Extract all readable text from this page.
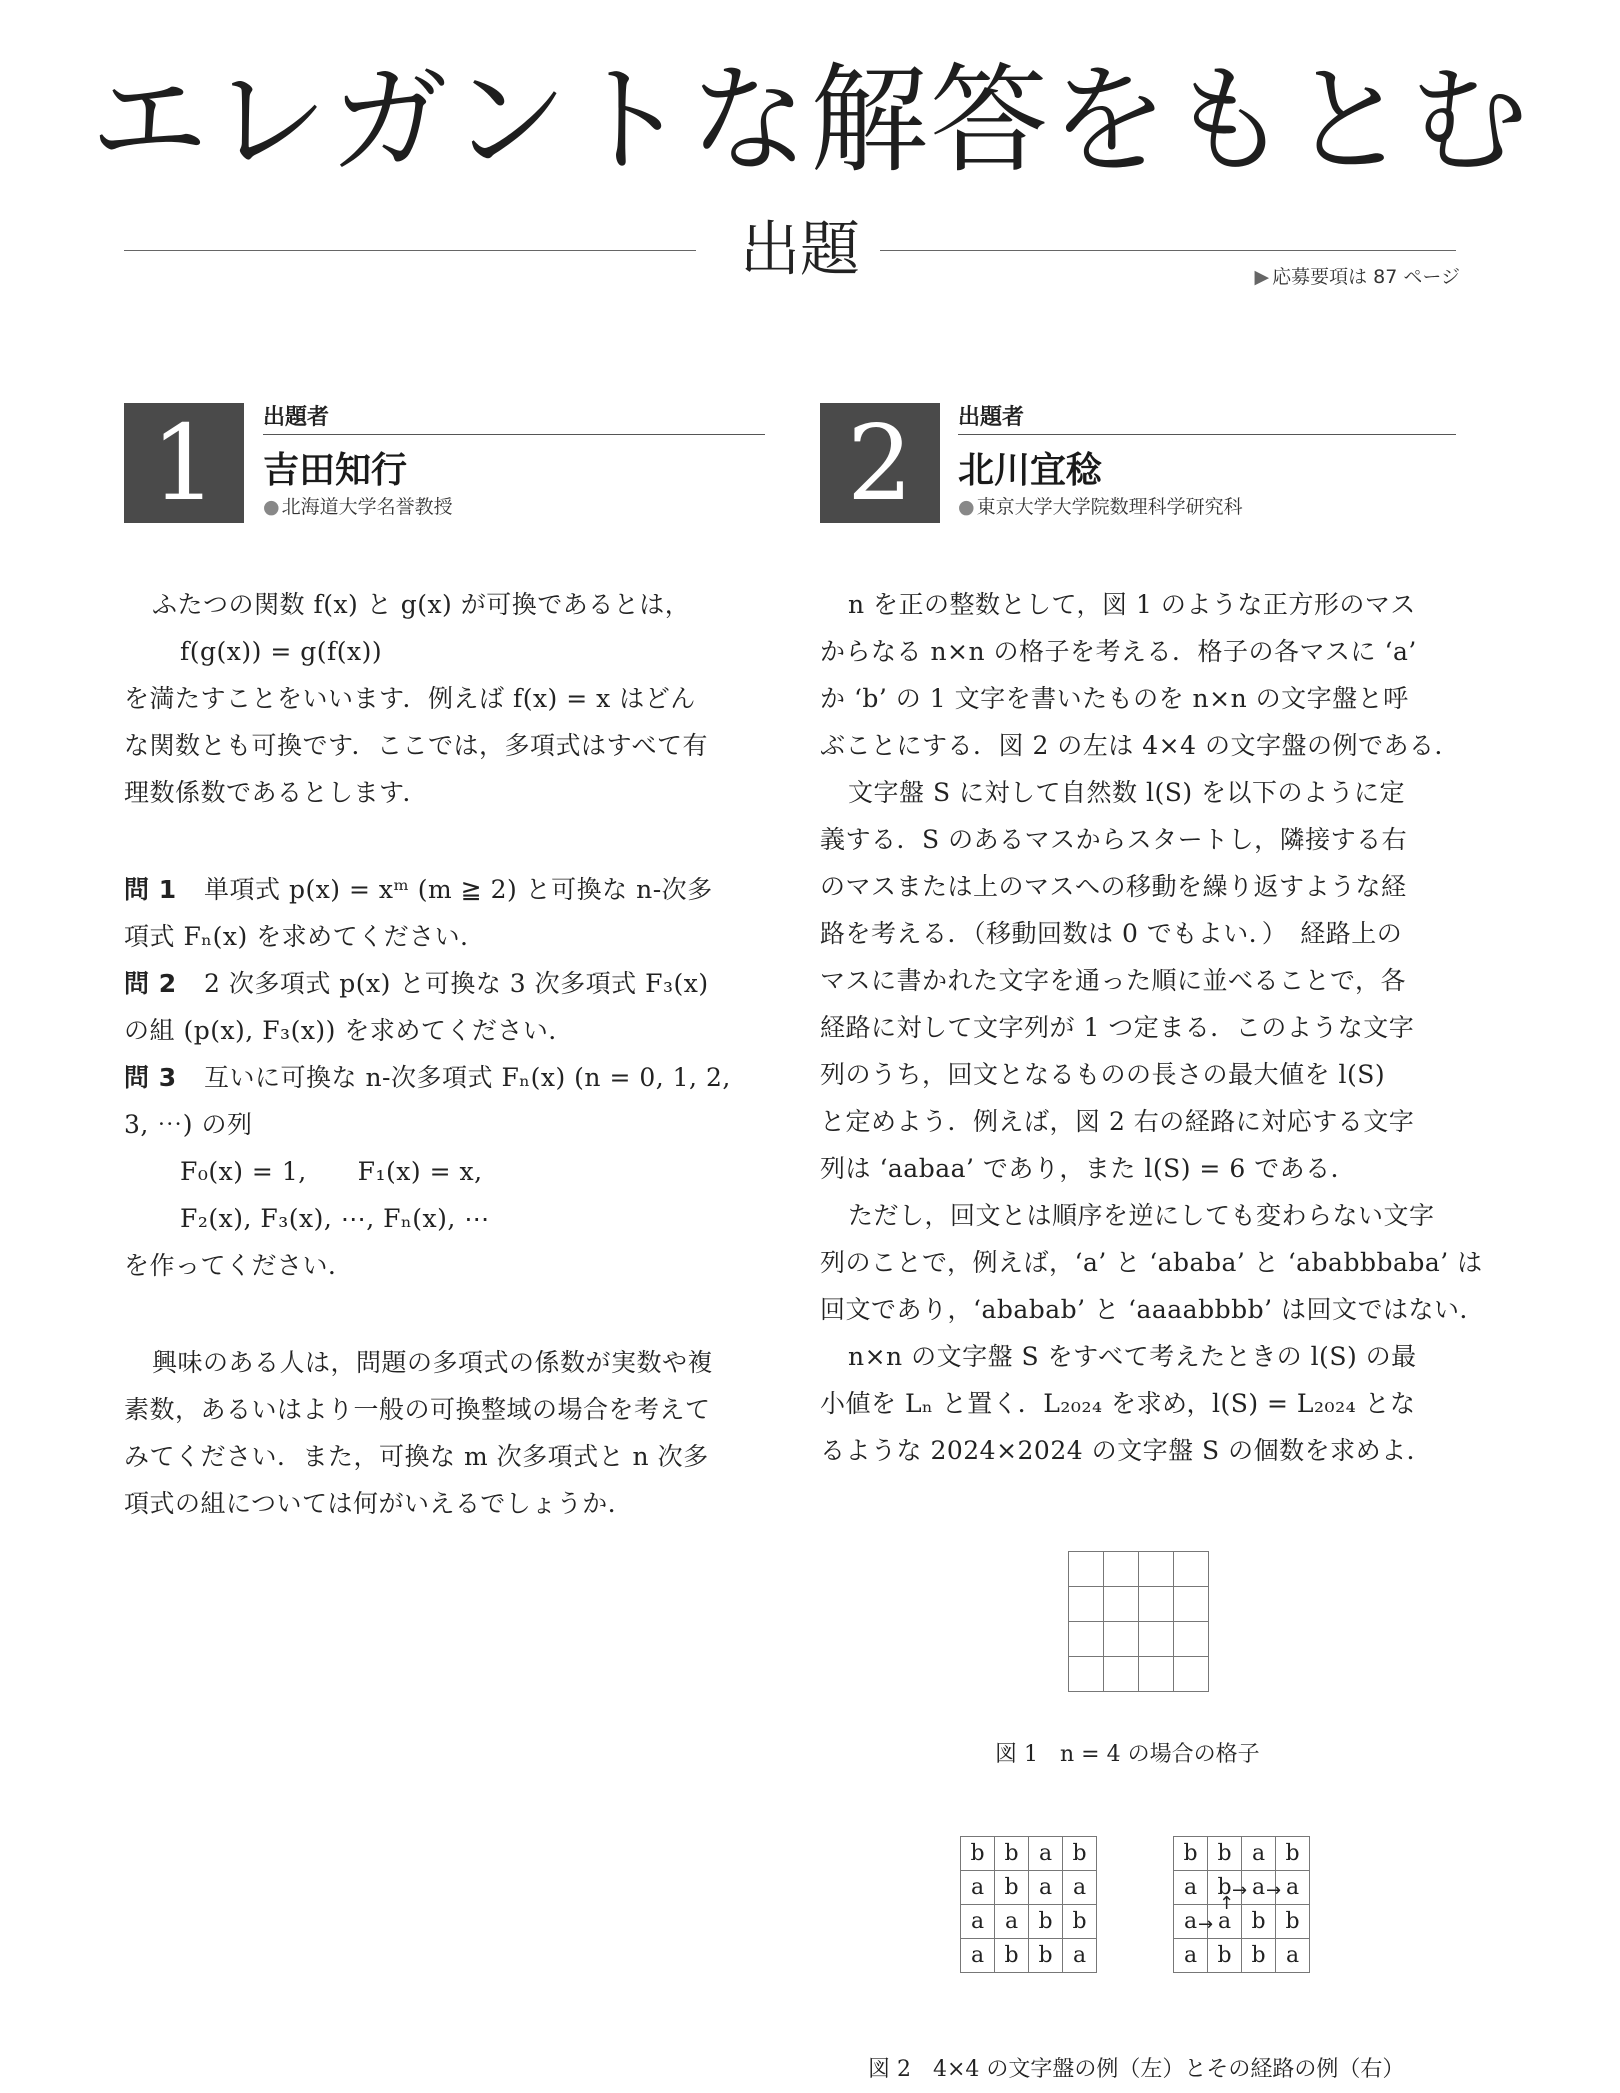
エレガントな解答をもとむ
出題	▶ 応募要項は 87 ページ
1	出題者
吉田知行
● 北海道大学名誉教授	2	出題者
北川宜稔
● 東京大学大学院数理科学研究科
ふたつの関数 f(x) と g(x) が可換であるとは，
f(g(x)) = g(f(x))
を満たすことをいいます．例えば f(x) = x はどん
な関数とも可換です．ここでは，多項式はすべて有
理数係数であるとします．
問 1 単項式 p(x) = xᵐ (m ≧ 2) と可換な n-次多
項式 Fₙ(x) を求めてください．
問 2 2 次多項式 p(x) と可換な 3 次多項式 F₃(x)
の組 (p(x), F₃(x)) を求めてください．
問 3 互いに可換な n-次多項式 Fₙ(x) (n = 0, 1, 2,
3, ⋯) の列
F₀(x) = 1,　　F₁(x) = x,
F₂(x), F₃(x), ⋯, Fₙ(x), ⋯
を作ってください．
興味のある人は，問題の多項式の係数が実数や複
素数，あるいはより一般の可換整域の場合を考えて
みてください．また，可換な m 次多項式と n 次多
項式の組については何がいえるでしょうか．
n を正の整数として，図 1 のような正方形のマス
からなる n×n の格子を考える．格子の各マスに ‘a’
か ‘b’ の 1 文字を書いたものを n×n の文字盤と呼
ぶことにする．図 2 の左は 4×4 の文字盤の例である．
文字盤 S に対して自然数 l(S) を以下のように定
義する．S のあるマスからスタートし，隣接する右
のマスまたは上のマスへの移動を繰り返すような経
路を考える．（移動回数は 0 でもよい．）　経路上の
マスに書かれた文字を通った順に並べることで，各
経路に対して文字列が 1 つ定まる．このような文字
列のうち，回文となるものの長さの最大値を l(S)
と定めよう．例えば，図 2 右の経路に対応する文字
列は ‘aabaa’ であり，また l(S) = 6 である．
ただし，回文とは順序を逆にしても変わらない文字
列のことで，例えば，‘a’ と ‘ababa’ と ‘ababbbaba’ は
回文であり，‘ababab’ と ‘aaaabbbb’ は回文ではない．
n×n の文字盤 S をすべて考えたときの l(S) の最
小値を Lₙ と置く．L₂₀₂₄ を求め，l(S) = L₂₀₂₄ とな
るような 2024×2024 の文字盤 S の個数を求めよ．

図 1　n = 4 の場合の格子
b	b	a	b
a	b	a	a
a	a	b	b
a	b	b	a
b	b	a	b
a	b	a	a
a	a	b	b
a	b	b	a
→
↑
→ →
図 2　4×4 の文字盤の例（左）とその経路の例（右）
